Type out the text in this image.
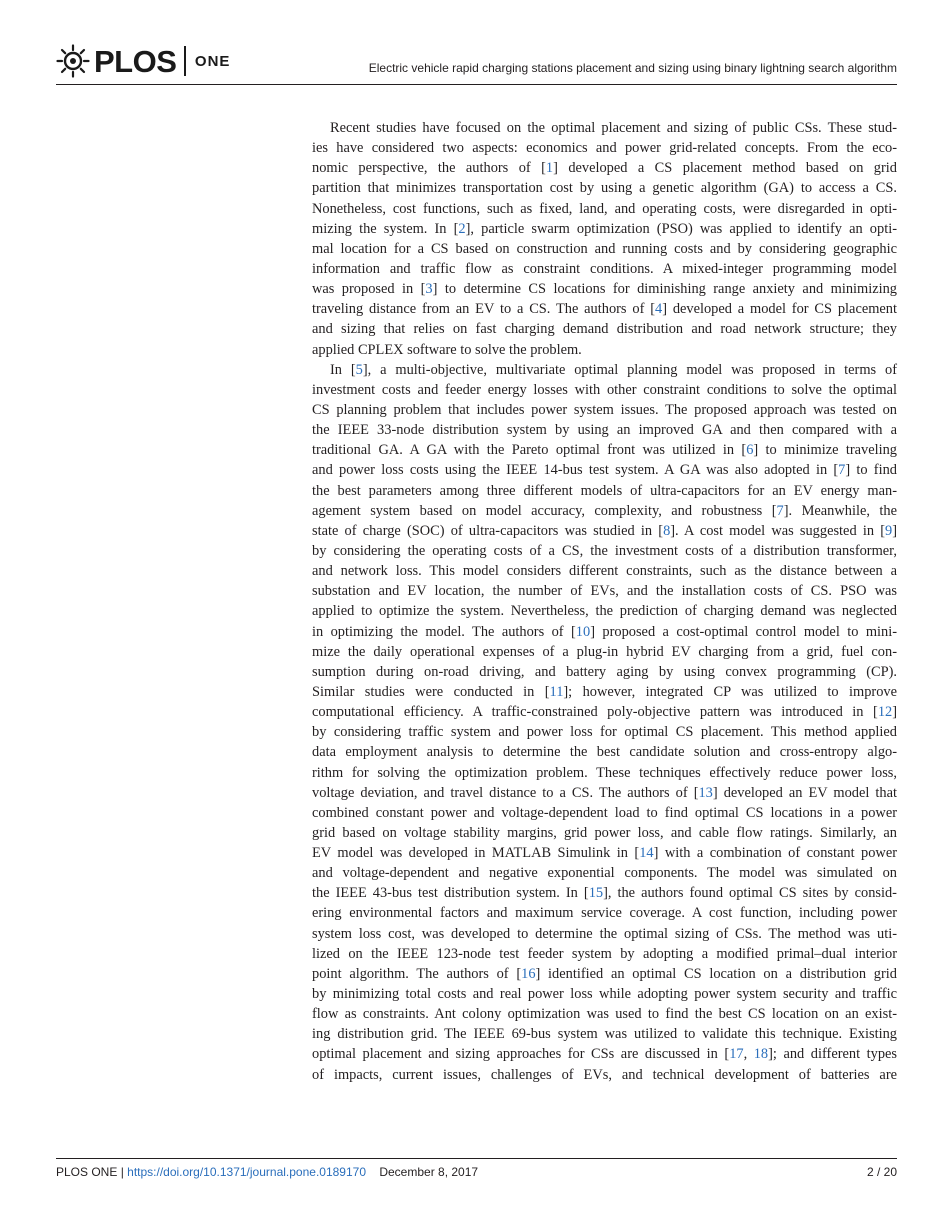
PLOS ONE	Electric vehicle rapid charging stations placement and sizing using binary lightning search algorithm
Recent studies have focused on the optimal placement and sizing of public CSs. These stud-
ies have considered two aspects: economics and power grid-related concepts. From the eco-
nomic perspective, the authors of [1] developed a CS placement method based on grid
partition that minimizes transportation cost by using a genetic algorithm (GA) to access a CS.
Nonetheless, cost functions, such as fixed, land, and operating costs, were disregarded in opti-
mizing the system. In [2], particle swarm optimization (PSO) was applied to identify an opti-
mal location for a CS based on construction and running costs and by considering geographic
information and traffic flow as constraint conditions. A mixed-integer programming model
was proposed in [3] to determine CS locations for diminishing range anxiety and minimizing
traveling distance from an EV to a CS. The authors of [4] developed a model for CS placement
and sizing that relies on fast charging demand distribution and road network structure; they
applied CPLEX software to solve the problem.
In [5], a multi-objective, multivariate optimal planning model was proposed in terms of
investment costs and feeder energy losses with other constraint conditions to solve the optimal
CS planning problem that includes power system issues. The proposed approach was tested on
the IEEE 33-node distribution system by using an improved GA and then compared with a
traditional GA. A GA with the Pareto optimal front was utilized in [6] to minimize traveling
and power loss costs using the IEEE 14-bus test system. A GA was also adopted in [7] to find
the best parameters among three different models of ultra-capacitors for an EV energy man-
agement system based on model accuracy, complexity, and robustness [7]. Meanwhile, the
state of charge (SOC) of ultra-capacitors was studied in [8]. A cost model was suggested in [9]
by considering the operating costs of a CS, the investment costs of a distribution transformer,
and network loss. This model considers different constraints, such as the distance between a
substation and EV location, the number of EVs, and the installation costs of CS. PSO was
applied to optimize the system. Nevertheless, the prediction of charging demand was neglected
in optimizing the model. The authors of [10] proposed a cost-optimal control model to mini-
mize the daily operational expenses of a plug-in hybrid EV charging from a grid, fuel con-
sumption during on-road driving, and battery aging by using convex programming (CP).
Similar studies were conducted in [11]; however, integrated CP was utilized to improve
computational efficiency. A traffic-constrained poly-objective pattern was introduced in [12]
by considering traffic system and power loss for optimal CS placement. This method applied
data employment analysis to determine the best candidate solution and cross-entropy algo-
rithm for solving the optimization problem. These techniques effectively reduce power loss,
voltage deviation, and travel distance to a CS. The authors of [13] developed an EV model that
combined constant power and voltage-dependent load to find optimal CS locations in a power
grid based on voltage stability margins, grid power loss, and cable flow ratings. Similarly, an
EV model was developed in MATLAB Simulink in [14] with a combination of constant power
and voltage-dependent and negative exponential components. The model was simulated on
the IEEE 43-bus test distribution system. In [15], the authors found optimal CS sites by consid-
ering environmental factors and maximum service coverage. A cost function, including power
system loss cost, was developed to determine the optimal sizing of CSs. The method was uti-
lized on the IEEE 123-node test feeder system by adopting a modified primal–dual interior
point algorithm. The authors of [16] identified an optimal CS location on a distribution grid
by minimizing total costs and real power loss while adopting power system security and traffic
flow as constraints. Ant colony optimization was used to find the best CS location on an exist-
ing distribution grid. The IEEE 69-bus system was utilized to validate this technique. Existing
optimal placement and sizing approaches for CSs are discussed in [17, 18]; and different types
of impacts, current issues, challenges of EVs, and technical development of batteries are
PLOS ONE | https://doi.org/10.1371/journal.pone.0189170 December 8, 2017	2 / 20
